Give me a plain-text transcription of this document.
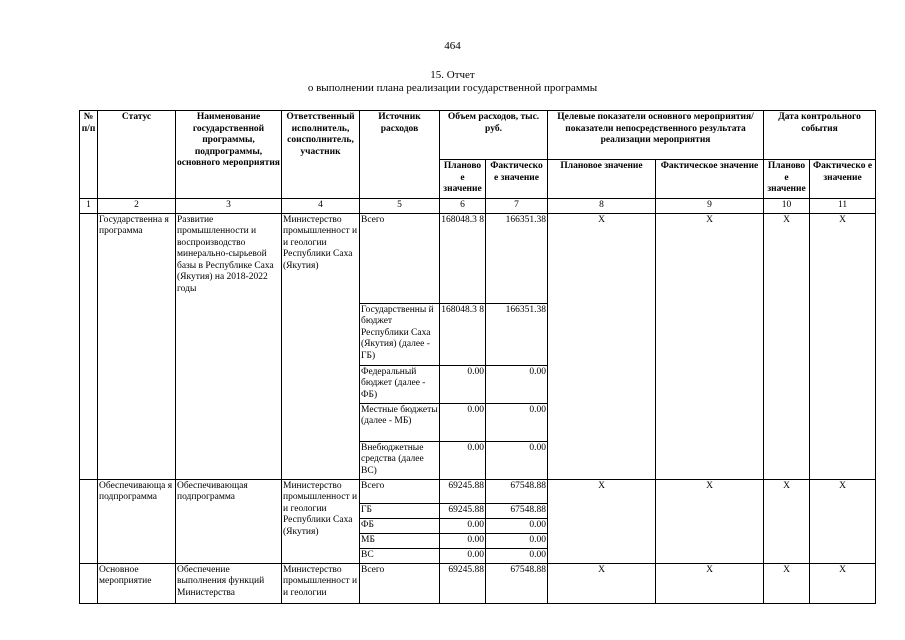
464
15. Отчет
о выполнении плана реализации государственной программы
№ п/п	Статус	Наименование государственной программы, подпрограммы, основного мероприятия	Ответственный исполнитель, соисполнитель, участник	Источник расходов	Объем расходов, тыс. руб.		Целевые показатели основного мероприятия/показатели непосредственного результата реализации мероприятия		Дата контрольного события	
					Планово е значение	Фактическо е значение	Плановое значение	Фактическое значение	Планово е значение	Фактическо е значение
1	2	3	4	5	6	7	8	9	10	11
	Государственна я программа	Развитие промышленности и воспроизводство минерально-сырьевой базы в Республике Саха (Якутия) на 2018-2022 годы	Министерство промышленност и и геологии Республики Саха (Якутия)	Всего	168048.3 8	166351.38	X	X	X	X
				Государственны й бюджет Республики Саха (Якутия) (далее - ГБ)	168048.3 8	166351.38				
				Федеральный бюджет (далее - ФБ)	0.00	0.00				
				Местные бюджеты (далее - МБ)	0.00	0.00				
				Внебюджетные средства (далее ВС)	0.00	0.00				
	Обеспечивающа я подпрограмма	Обеспечивающая подпрограмма	Министерство промышленност и и геологии Республики Саха (Якутия)	Всего	69245.88	67548.88	X	X	X	X
				ГБ	69245.88	67548.88				
				ФБ	0.00	0.00				
				МБ	0.00	0.00				
				ВС	0.00	0.00				
	Основное мероприятие	Обеспечение выполнения функций Министерства	Министерство промышленност и и геологии	Всего	69245.88	67548.88	X	X	X	X
